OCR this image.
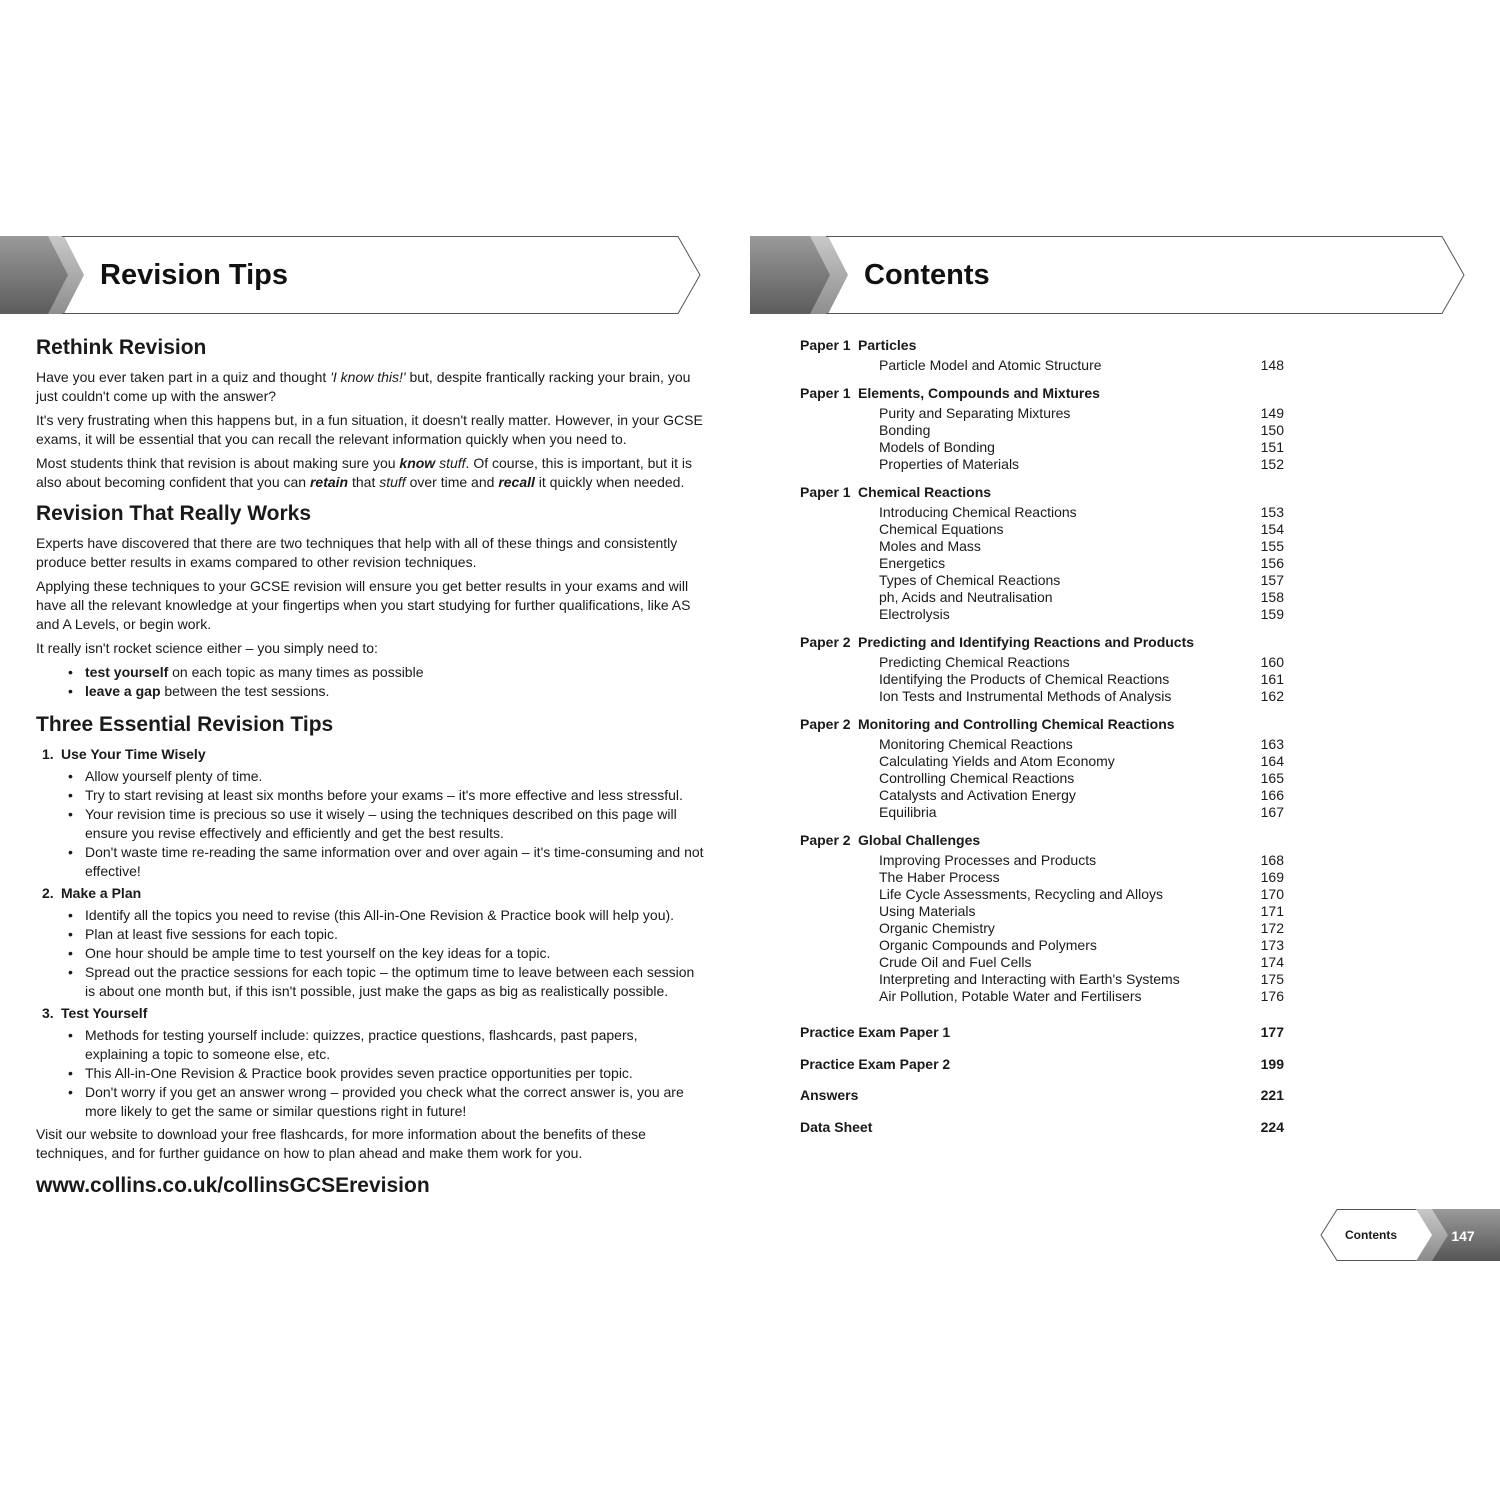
Revision Tips	Contents
Rethink Revision

Have you ever taken part in a quiz and thought 'I know this!' but, despite frantically racking your brain, you just couldn't come up with the answer?

It's very frustrating when this happens but, in a fun situation, it doesn't really matter. However, in your GCSE exams, it will be essential that you can recall the relevant information quickly when you need to.

Most students think that revision is about making sure you know stuff. Of course, this is important, but it is also about becoming confident that you can retain that stuff over time and recall it quickly when needed.

Revision That Really Works

Experts have discovered that there are two techniques that help with all of these things and consistently produce better results in exams compared to other revision techniques.

Applying these techniques to your GCSE revision will ensure you get better results in your exams and will have all the relevant knowledge at your fingertips when you start studying for further qualifications, like AS and A Levels, or begin work.

It really isn't rocket science either – you simply need to:

• test yourself on each topic as many times as possible
• leave a gap between the test sessions.
Three Essential Revision Tips
1. Use Your Time Wisely
• Allow yourself plenty of time.
• Try to start revising at least six months before your exams – it's more effective and less stressful.
• Your revision time is precious so use it wisely – using the techniques described on this page will ensure you revise effectively and efficiently and get the best results.
• Don't waste time re-reading the same information over and over again – it's time-consuming and not effective!
2. Make a Plan
• Identify all the topics you need to revise (this All-in-One Revision & Practice book will help you).
• Plan at least five sessions for each topic.
• One hour should be ample time to test yourself on the key ideas for a topic.
• Spread out the practice sessions for each topic – the optimum time to leave between each session is about one month but, if this isn't possible, just make the gaps as big as realistically possible.
3. Test Yourself
• Methods for testing yourself include: quizzes, practice questions, flashcards, past papers, explaining a topic to someone else, etc.
• This All-in-One Revision & Practice book provides seven practice opportunities per topic.
• Don't worry if you get an answer wrong – provided you check what the correct answer is, you are more likely to get the same or similar questions right in future!

Visit our website to download your free flashcards, for more information about the benefits of these techniques, and for further guidance on how to plan ahead and make them work for you.

www.collins.co.uk/collinsGCSErevision
Paper 1 Particles
Particle Model and Atomic Structure	148
Paper 1 Elements, Compounds and Mixtures
Purity and Separating Mixtures	149
Bonding	150
Models of Bonding	151
Properties of Materials	152
Paper 1 Chemical Reactions
Introducing Chemical Reactions	153
Chemical Equations	154
Moles and Mass	155
Energetics	156
Types of Chemical Reactions	157
ph, Acids and Neutralisation	158
Electrolysis	159
Paper 2 Predicting and Identifying Reactions and Products
Predicting Chemical Reactions	160
Identifying the Products of Chemical Reactions	161
Ion Tests and Instrumental Methods of Analysis	162
Paper 2 Monitoring and Controlling Chemical Reactions
Monitoring Chemical Reactions	163
Calculating Yields and Atom Economy	164
Controlling Chemical Reactions	165
Catalysts and Activation Energy	166
Equilibria	167
Paper 2 Global Challenges
Improving Processes and Products	168
The Haber Process	169
Life Cycle Assessments, Recycling and Alloys	170
Using Materials	171
Organic Chemistry	172
Organic Compounds and Polymers	173
Crude Oil and Fuel Cells	174
Interpreting and Interacting with Earth's Systems	175
Air Pollution, Potable Water and Fertilisers	176
Practice Exam Paper 1	177
Practice Exam Paper 2	199
Answers	221
Data Sheet	224
Contents	147
